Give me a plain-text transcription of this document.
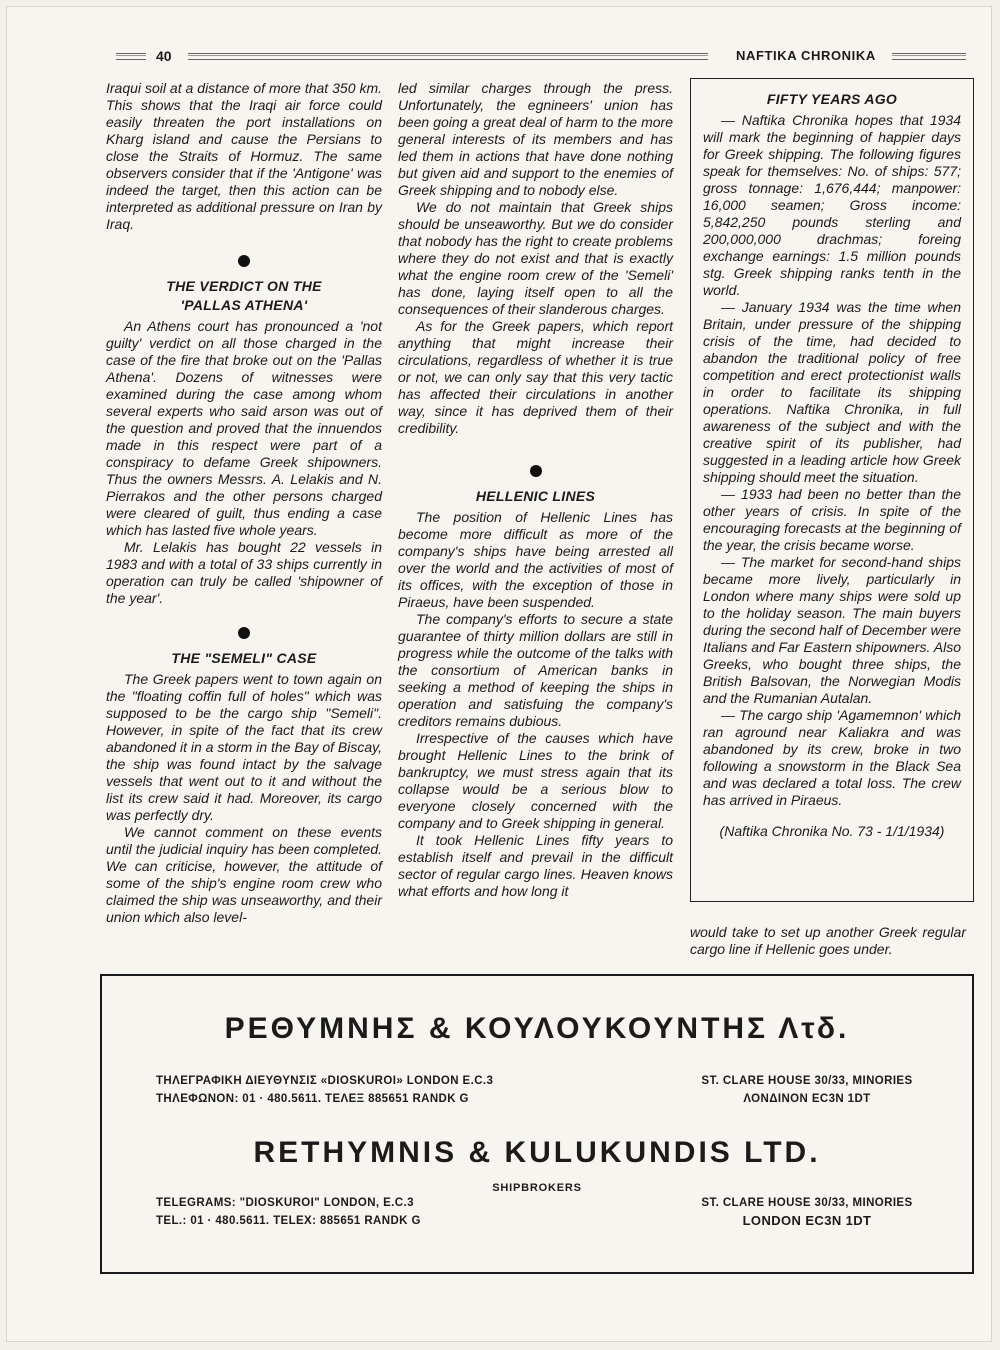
40	NAFTIKA CHRONIKA

Iraqui soil at a distance of more that 350 km. This shows that the Iraqi air force could easily threaten the port installations on Kharg island and cause the Persians to close the Straits of Hormuz. The same observers consider that if the 'Antigone' was indeed the target, then this action can be interpreted as additional pressure on Iran by Iraq.

THE VERDICT ON THE
'PALLAS ATHENA'

An Athens court has pronounced a 'not guilty' verdict on all those charged in the case of the fire that broke out on the 'Pallas Athena'. Dozens of witnesses were examined during the case among whom several experts who said arson was out of the question and proved that the innuendos made in this respect were part of a conspiracy to defame Greek shipowners. Thus the owners Messrs. A. Lelakis and N. Pierrakos and the other persons charged were cleared of guilt, thus ending a case which has lasted five whole years.

Mr. Lelakis has bought 22 vessels in 1983 and with a total of 33 ships currently in operation can truly be called 'shipowner of the year'.

THE "SEMELI" CASE

The Greek papers went to town again on the "floating coffin full of holes" which was supposed to be the cargo ship "Semeli". However, in spite of the fact that its crew abandoned it in a storm in the Bay of Biscay, the ship was found intact by the salvage vessels that went out to it and without the list its crew said it had. Moreover, its cargo was perfectly dry.

We cannot comment on these events until the judicial inquiry has been completed. We can criticise, however, the attitude of some of the ship's engine room crew who claimed the ship was unseaworthy, and their union which also level-

led similar charges through the press. Unfortunately, the egnineers' union has been going a great deal of harm to the more general interests of its members and has led them in actions that have done nothing but given aid and support to the enemies of Greek shipping and to nobody else.

We do not maintain that Greek ships should be unseaworthy. But we do consider that nobody has the right to create problems where they do not exist and that is exactly what the engine room crew of the 'Semeli' has done, laying itself open to all the consequences of their slanderous charges.

As for the Greek papers, which report anything that might increase their circulations, regardless of whether it is true or not, we can only say that this very tactic has affected their circulations in another way, since it has deprived them of their credibility.

HELLENIC LINES

The position of Hellenic Lines has become more difficult as more of the company's ships have being arrested all over the world and the activities of most of its offices, with the exception of those in Piraeus, have been suspended.

The company's efforts to secure a state guarantee of thirty million dollars are still in progress while the outcome of the talks with the consortium of American banks in seeking a method of keeping the ships in operation and satisfuing the company's creditors remains dubious.

Irrespective of the causes which have brought Hellenic Lines to the brink of bankruptcy, we must stress again that its collapse would be a serious blow to everyone closely concerned with the company and to Greek shipping in general.

It took Hellenic Lines fifty years to establish itself and prevail in the difficult sector of regular cargo lines. Heaven knows what efforts and how long it

FIFTY YEARS AGO

— Naftika Chronika hopes that 1934 will mark the beginning of happier days for Greek shipping. The following figures speak for themselves: No. of ships: 577; gross tonnage: 1,676,444; manpower: 16,000 seamen; Gross income: 5,842,250 pounds sterling and 200,000,000 drachmas; foreing exchange earnings: 1.5 million pounds stg. Greek shipping ranks tenth in the world.

— January 1934 was the time when Britain, under pressure of the shipping crisis of the time, had decided to abandon the traditional policy of free competition and erect protectionist walls in order to facilitate its shipping operations. Naftika Chronika, in full awareness of the subject and with the creative spirit of its publisher, had suggested in a leading article how Greek shipping should meet the situation.

— 1933 had been no better than the other years of crisis. In spite of the encouraging forecasts at the beginning of the year, the crisis became worse.

— The market for second-hand ships became more lively, particularly in London where many ships were sold up to the holiday season. The main buyers during the second half of December were Italians and Far Eastern shipowners. Also Greeks, who bought three ships, the British Balsovan, the Norwegian Modis and the Rumanian Autalan.

— The cargo ship 'Agamemnon' which ran aground near Kaliakra and was abandoned by its crew, broke in two following a snowstorm in the Black Sea and was declared a total loss. The crew has arrived in Piraeus.

(Naftika Chronika No. 73 - 1/1/1934)

would take to set up another Greek regular cargo line if Hellenic goes under.

ΡΕΘΥΜΝΗΣ & ΚΟΥΛΟΥΚΟΥΝΤΗΣ Λτδ.
ΤΗΛΕΓΡΑΦΙΚΗ ΔΙΕΥΘΥΝΣΙΣ «DIOSKUROI» LONDON E.C.3
ΤΗΛΕΦΩΝΟΝ: 01 · 480.5611. ΤΕΛΕΞ 885651 RANDK G
ST. CLARE HOUSE 30/33, MINORIES
ΛΟΝΔΙΝΟΝ EC3N 1DT
RETHYMNIS & KULUKUNDIS LTD.
SHIPBROKERS
TELEGRAMS: "DIOSKUROI" LONDON, E.C.3
TEL.: 01 · 480.5611. TELEX: 885651 RANDK G
ST. CLARE HOUSE 30/33, MINORIES
LONDON EC3N 1DT
